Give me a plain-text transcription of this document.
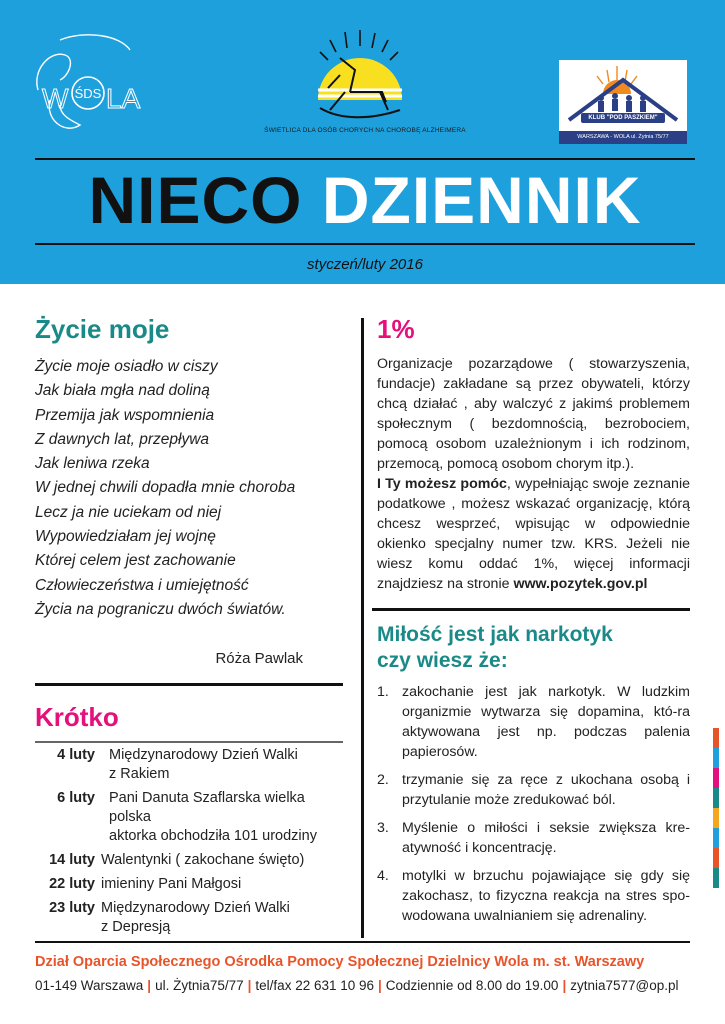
ŚDS
W LA
ŚWIETLICA DLA OSÓB CHORYCH NA CHOROBĘ ALZHEIMERA
KLUB "POD PASZKIEM"
WARSZAWA - WOLA ul. Żytnia 75/77
NIECO DZIENNIK
styczeń/luty 2016
Życie moje
Życie moje osiadło w ciszy
Jak biała mgła nad doliną
Przemija jak wspomnienia
Z dawnych lat, przepływa
Jak leniwa rzeka
W jednej chwili dopadła mnie choroba
Lecz ja nie uciekam od niej
Wypowiedziałam jej wojnę
Której celem jest zachowanie
Człowieczeństwa i umiejętność
Życia na pograniczu dwóch światów.
Róża Pawlak
Krótko
4 luty Międzynarodowy Dzień Walki
z Rakiem
6 luty Pani Danuta Szaflarska wielka polska
aktorka obchodziła 101 urodziny
14 luty Walentynki ( zakochane święto)
22 luty imieniny Pani Małgosi
23 luty Międzynarodowy Dzień Walki
z Depresją
1%
Organizacje pozarządowe ( stowarzyszenia, fundacje) zakładane są przez obywateli, którzy chcą działać , aby walczyć z jakimś problemem społecznym ( bezdomnością, bezrobociem, pomocą osobom uzależnionym i ich rodzinom, przemocą, pomocą osobom chorym itp.).
I Ty możesz pomóc, wypełniając swoje zeznanie podatkowe , możesz wskazać organizację, którą chcesz wesprzeć, wpisując w odpowiednie okienko specjalny numer tzw. KRS. Jeżeli nie wiesz komu oddać 1%, więcej informacji znajdziesz na stronie www.pozytek.gov.pl
Miłość jest jak narkotyk
czy wiesz że:
1. zakochanie jest jak narkotyk. W ludzkim organizmie wytwarza się dopamina, któ-ra aktywowana jest np. podczas palenia papierosów.
2. trzymanie się za ręce z ukochana osobą i przytulanie może zredukować ból.
3. Myślenie o miłości i seksie zwiększa kre-atywność i koncentrację.
4. motylki w brzuchu pojawiające się gdy się zakochasz, to fizyczna reakcja na stres spo-wodowana uwalnianiem się adrenaliny.
Dział Oparcia Społecznego Ośrodka Pomocy Społecznej Dzielnicy Wola m. st. Warszawy
01-149 Warszawa | ul. Żytnia75/77 | tel/fax 22 631 10 96 | Codziennie od 8.00 do 19.00 | zytnia7577@op.pl
